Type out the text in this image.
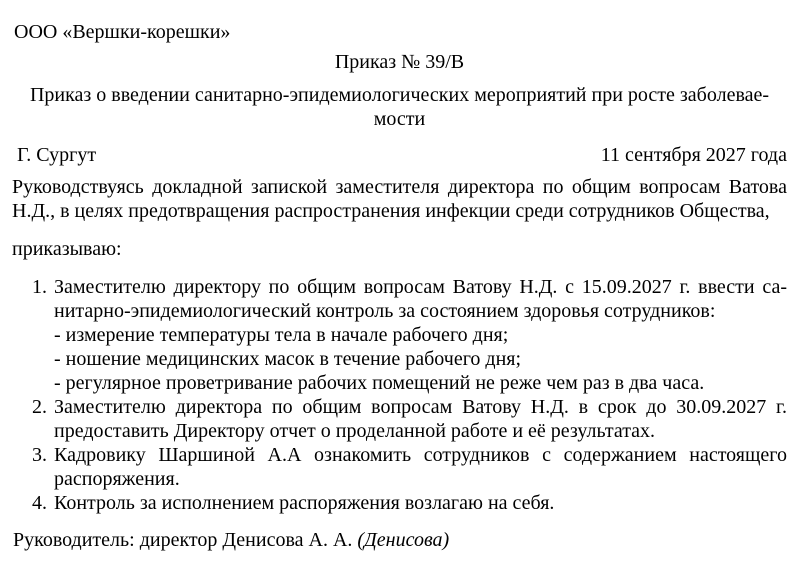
ООО «Вершки-корешки»
Приказ № 39/В
Приказ о введении санитарно-эпидемиологических мероприятий при росте заболевае-
мости
Г. Сургут	11 сентября 2027 года
Руководствуясь докладной запиской заместителя директора по общим вопросам Ватова
Н.Д., в целях предотвращения распространения инфекции среди сотрудников Общества,
приказываю:
1. Заместителю директору по общим вопросам Ватову Н.Д. с 15.09.2027 г. ввести са-
нитарно-эпидемиологический контроль за состоянием здоровья сотрудников:
- измерение температуры тела в начале рабочего дня;
- ношение медицинских масок в течение рабочего дня;
- регулярное проветривание рабочих помещений не реже чем раз в два часа.
2. Заместителю директора по общим вопросам Ватову Н.Д. в срок до 30.09.2027 г.
предоставить Директору отчет о проделанной работе и её результатах.
3. Кадровику Шаршиной А.А ознакомить сотрудников с содержанием настоящего
распоряжения.
4. Контроль за исполнением распоряжения возлагаю на себя.
Руководитель: директор Денисова А. А. (Денисова)
